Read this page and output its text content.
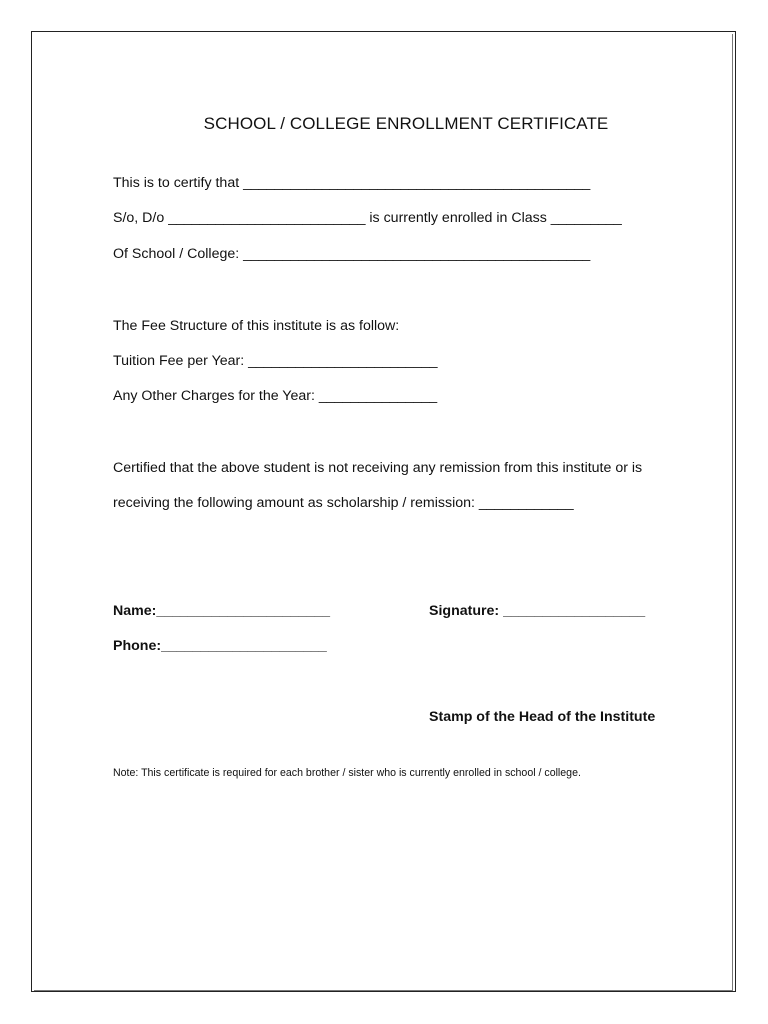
SCHOOL / COLLEGE ENROLLMENT CERTIFICATE
This is to certify that ____________________________________________
S/o, D/o _________________________ is currently enrolled in Class _________
Of School / College: ____________________________________________
The Fee Structure of this institute is as follow:
Tuition Fee per Year: ________________________
Any Other Charges for the Year: _______________
Certified that the above student is not receiving any remission from this institute or is
receiving the following amount as scholarship / remission: ____________
Name:______________________	Signature: __________________
Phone:_____________________
Stamp of the Head of the Institute
Note: This certificate is required for each brother / sister who is currently enrolled in school / college.
